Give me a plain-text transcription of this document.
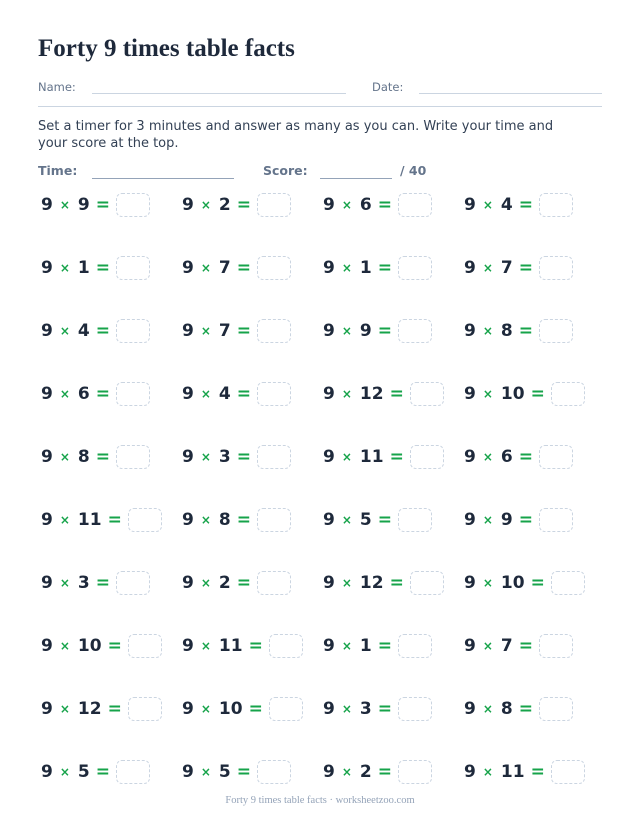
Forty 9 times table facts
Name:	Date:

Set a timer for 3 minutes and answer as many as you can. Write your time and your score at the top.

Time:	Score:	/ 40
9 × 9 =	9 × 2 =	9 × 6 =	9 × 4 =
9 × 1 =	9 × 7 =	9 × 1 =	9 × 7 =
9 × 4 =	9 × 7 =	9 × 9 =	9 × 8 =
9 × 6 =	9 × 4 =	9 × 12 =	9 × 10 =
9 × 8 =	9 × 3 =	9 × 11 =	9 × 6 =
9 × 11 =	9 × 8 =	9 × 5 =	9 × 9 =
9 × 3 =	9 × 2 =	9 × 12 =	9 × 10 =
9 × 10 =	9 × 11 =	9 × 1 =	9 × 7 =
9 × 12 =	9 × 10 =	9 × 3 =	9 × 8 =
9 × 5 =	9 × 5 =	9 × 2 =	9 × 11 =
Forty 9 times table facts · worksheetzoo.com
